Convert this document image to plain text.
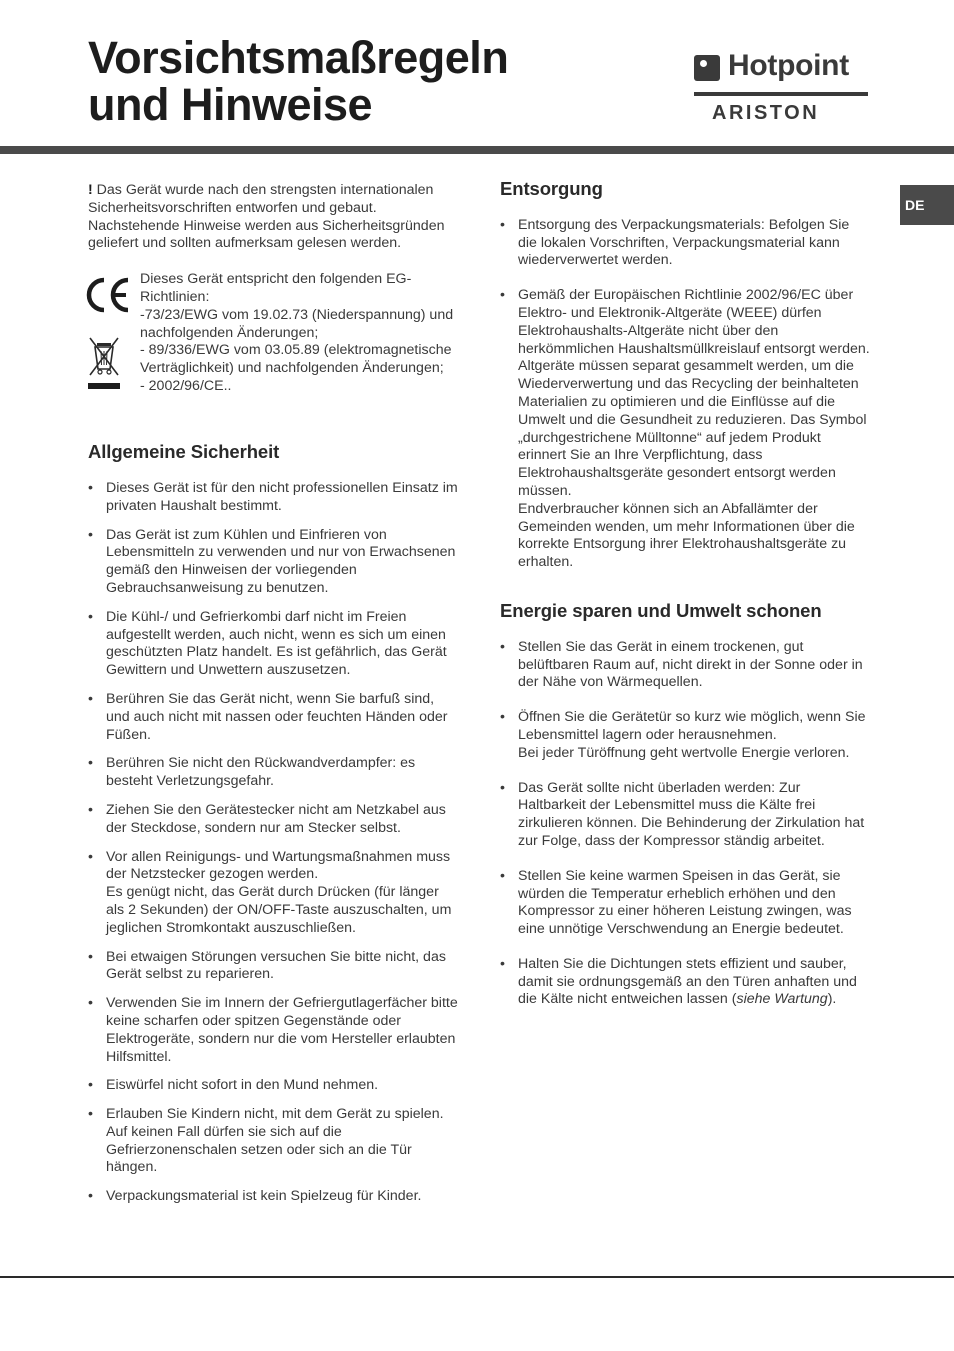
Vorsichtsmaßregeln
und Hinweise
Hotpoint
ARISTON
DE

! Das Gerät wurde nach den strengsten internationalen Sicherheitsvorschriften entworfen und gebaut. Nachstehende Hinweise werden aus Sicherheitsgründen geliefert und sollten aufmerksam gelesen werden.

Dieses Gerät entspricht den folgenden EG-Richtlinien:

-73/23/EWG vom 19.02.73 (Niederspannung) und nachfolgenden Änderungen;

- 89/336/EWG vom 03.05.89 (elektromagnetische Verträglichkeit) und nachfolgenden Änderungen;

- 2002/96/CE..

Allgemeine Sicherheit

• Dieses Gerät ist für den nicht professionellen Einsatz im privaten Haushalt bestimmt.

• Das Gerät ist zum Kühlen und Einfrieren von Lebensmitteln zu verwenden und nur von Erwachsenen gemäß den Hinweisen der vorliegenden Gebrauchsanweisung zu benutzen.

• Die Kühl-/ und Gefrierkombi darf nicht im Freien aufgestellt werden, auch nicht, wenn es sich um einen geschützten Platz handelt. Es ist gefährlich, das Gerät Gewittern und Unwettern auszusetzen.

• Berühren Sie das Gerät nicht, wenn Sie barfuß sind, und auch nicht mit nassen oder feuchten Händen oder Füßen.

• Berühren Sie nicht den Rückwandverdampfer: es besteht Verletzungsgefahr.

• Ziehen Sie den Gerätestecker nicht am Netzkabel aus der Steckdose, sondern nur am Stecker selbst.

• Vor allen Reinigungs- und Wartungsmaßnahmen muss der Netzstecker gezogen werden.

Es genügt nicht, das Gerät durch Drücken (für länger als 2 Sekunden) der ON/OFF-Taste auszuschalten, um jeglichen Stromkontakt auszuschließen.

• Bei etwaigen Störungen versuchen Sie bitte nicht, das Gerät selbst zu reparieren.

• Verwenden Sie im Innern der Gefriergutlagerfächer bitte keine scharfen oder spitzen Gegenstände oder Elektrogeräte, sondern nur die vom Hersteller erlaubten Hilfsmittel.

• Eiswürfel nicht sofort in den Mund nehmen.

• Erlauben Sie Kindern nicht, mit dem Gerät zu spielen. Auf keinen Fall dürfen sie sich auf die Gefrierzonenschalen setzen oder sich an die Tür hängen.

• Verpackungsmaterial ist kein Spielzeug für Kinder.

Entsorgung

• Entsorgung des Verpackungsmaterials: Befolgen Sie die lokalen Vorschriften, Verpackungsmaterial kann wiederverwertet werden.

• Gemäß der Europäischen Richtlinie 2002/96/EC über Elektro- und Elektronik-Altgeräte (WEEE) dürfen Elektrohaushalts-Altgeräte nicht über den herkömmlichen Haushaltsmüllkreislauf entsorgt werden. Altgeräte müssen separat gesammelt werden, um die Wiederverwertung und das Recycling der beinhalteten Materialien zu optimieren und die Einflüsse auf die Umwelt und die Gesundheit zu reduzieren. Das Symbol „durchgestrichene Mülltonne“ auf jedem Produkt erinnert Sie an Ihre Verpflichtung, dass Elektrohaushaltsgeräte gesondert entsorgt werden müssen.

Endverbraucher können sich an Abfallämter der Gemeinden wenden, um mehr Informationen über die korrekte Entsorgung ihrer Elektrohaushaltsgeräte zu erhalten.

Energie sparen und Umwelt schonen

• Stellen Sie das Gerät in einem trockenen, gut belüftbaren Raum auf, nicht direkt in der Sonne oder in der Nähe von Wärmequellen.

• Öffnen Sie die Gerätetür so kurz wie möglich, wenn Sie Lebensmittel lagern oder herausnehmen.

Bei jeder Türöffnung geht wertvolle Energie verloren.

• Das Gerät sollte nicht überladen werden: Zur Haltbarkeit der Lebensmittel muss die Kälte frei zirkulieren können. Die Behinderung der Zirkulation hat zur Folge, dass der Kompressor ständig arbeitet.

• Stellen Sie keine warmen Speisen in das Gerät, sie würden die Temperatur erheblich erhöhen und den Kompressor zu einer höheren Leistung zwingen, was eine unnötige Verschwendung an Energie bedeutet.

• Halten Sie die Dichtungen stets effizient und sauber, damit sie ordnungsgemäß an den Türen anhaften und die Kälte nicht entweichen lassen (siehe Wartung).
